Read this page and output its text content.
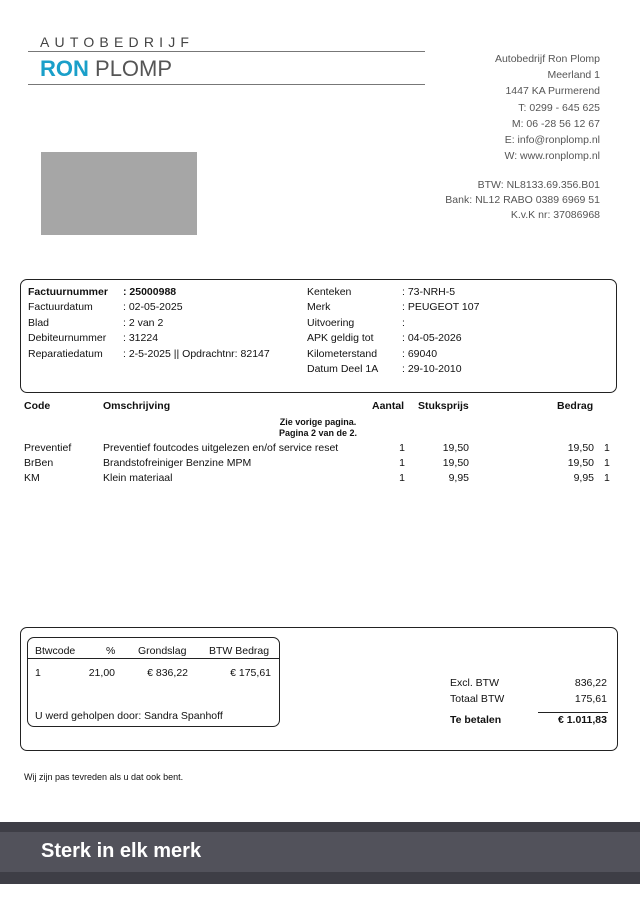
AUTOBEDRIJF
RON PLOMP	Autobedrijf Ron Plomp
Meerland 1
1447 KA Purmerend
T: 0299 - 645 625
M: 06 -28 56 12 67
E: info@ronplomp.nl
W: www.ronplomp.nl
BTW: NL8133.69.356.B01
Bank: NL12 RABO 0389 6969 51
K.v.K nr: 37086968
Factuurnummer : 25000988
Factuurdatum	: 02-05-2025
Blad	: 2 van 2
Debiteurnummer : 31224
Reparatiedatum : 2-5-2025 || Opdrachtnr: 82147
Kenteken	: 73-NRH-5
Merk	: PEUGEOT 107
Uitvoering	:
APK geldig tot	: 04-05-2026
Kilometerstand : 69040
Datum Deel 1A : 29-10-2010
Code	Omschrijving	Aantal Stuksprijs	Bedrag
Zie vorige pagina.
Pagina 2 van de 2.
Preventief	Preventief foutcodes uitgelezen en/of service reset	1	19,50	19,50 1
BrBen	Brandstofreiniger Benzine MPM	1	19,50	19,50 1
KM	Klein materiaal	1	9,95	9,95 1
Btwcode	% Grondslag BTW Bedrag
1	21,00	€ 836,22	€ 175,61
U werd geholpen door: Sandra Spanhoff
Excl. BTW	836,22
Totaal BTW	175,61
Te betalen	€ 1.011,83
Wij zijn pas tevreden als u dat ook bent.
Sterk in elk merk
